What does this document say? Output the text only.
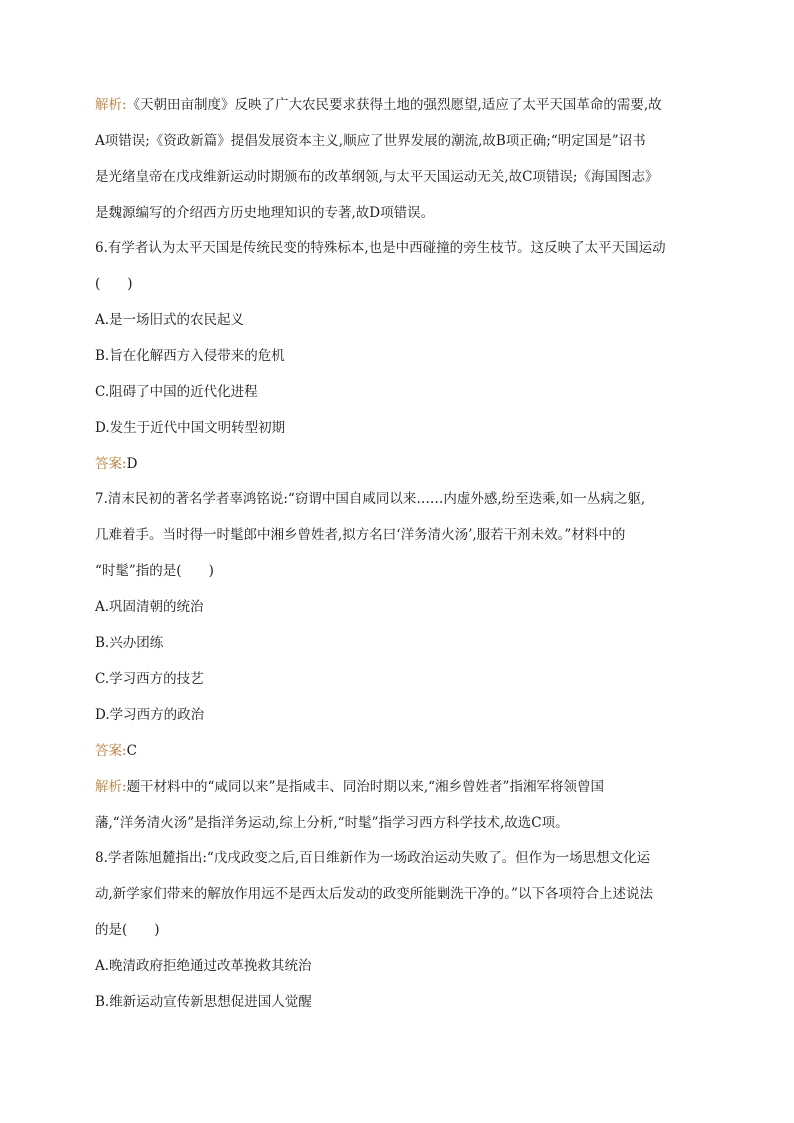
解析:《天朝田亩制度》反映了广大农民要求获得土地的强烈愿望,适应了太平天国革命的需要,故

A项错误;《资政新篇》提倡发展资本主义,顺应了世界发展的潮流,故B项正确;“明定国是”诏书

是光绪皇帝在戊戌维新运动时期颁布的改革纲领,与太平天国运动无关,故C项错误;《海国图志》

是魏源编写的介绍西方历史地理知识的专著,故D项错误。

6.有学者认为太平天国是传统民变的特殊标本,也是中西碰撞的旁生枝节。这反映了太平天国运动

(　　)

A.是一场旧式的农民起义

B.旨在化解西方入侵带来的危机

C.阻碍了中国的近代化进程

D.发生于近代中国文明转型初期

答案:D

7.清末民初的著名学者辜鸿铭说:“窃谓中国自咸同以来……内虚外感,纷至迭乘,如一丛病之躯,

几难着手。当时得一时髦郎中湘乡曾姓者,拟方名曰‘洋务清火汤’,服若干剂未效。”材料中的

“时髦”指的是(　　)

A.巩固清朝的统治

B.兴办团练

C.学习西方的技艺

D.学习西方的政治

答案:C

解析:题干材料中的“咸同以来”是指咸丰、同治时期以来,“湘乡曾姓者”指湘军将领曾国

藩,“洋务清火汤”是指洋务运动,综上分析,“时髦”指学习西方科学技术,故选C项。

8.学者陈旭麓指出:“戊戌政变之后,百日维新作为一场政治运动失败了。但作为一场思想文化运

动,新学家们带来的解放作用远不是西太后发动的政变所能剿洗干净的。”以下各项符合上述说法

的是(　　)

A.晚清政府拒绝通过改革挽救其统治

B.维新运动宣传新思想促进国人觉醒
